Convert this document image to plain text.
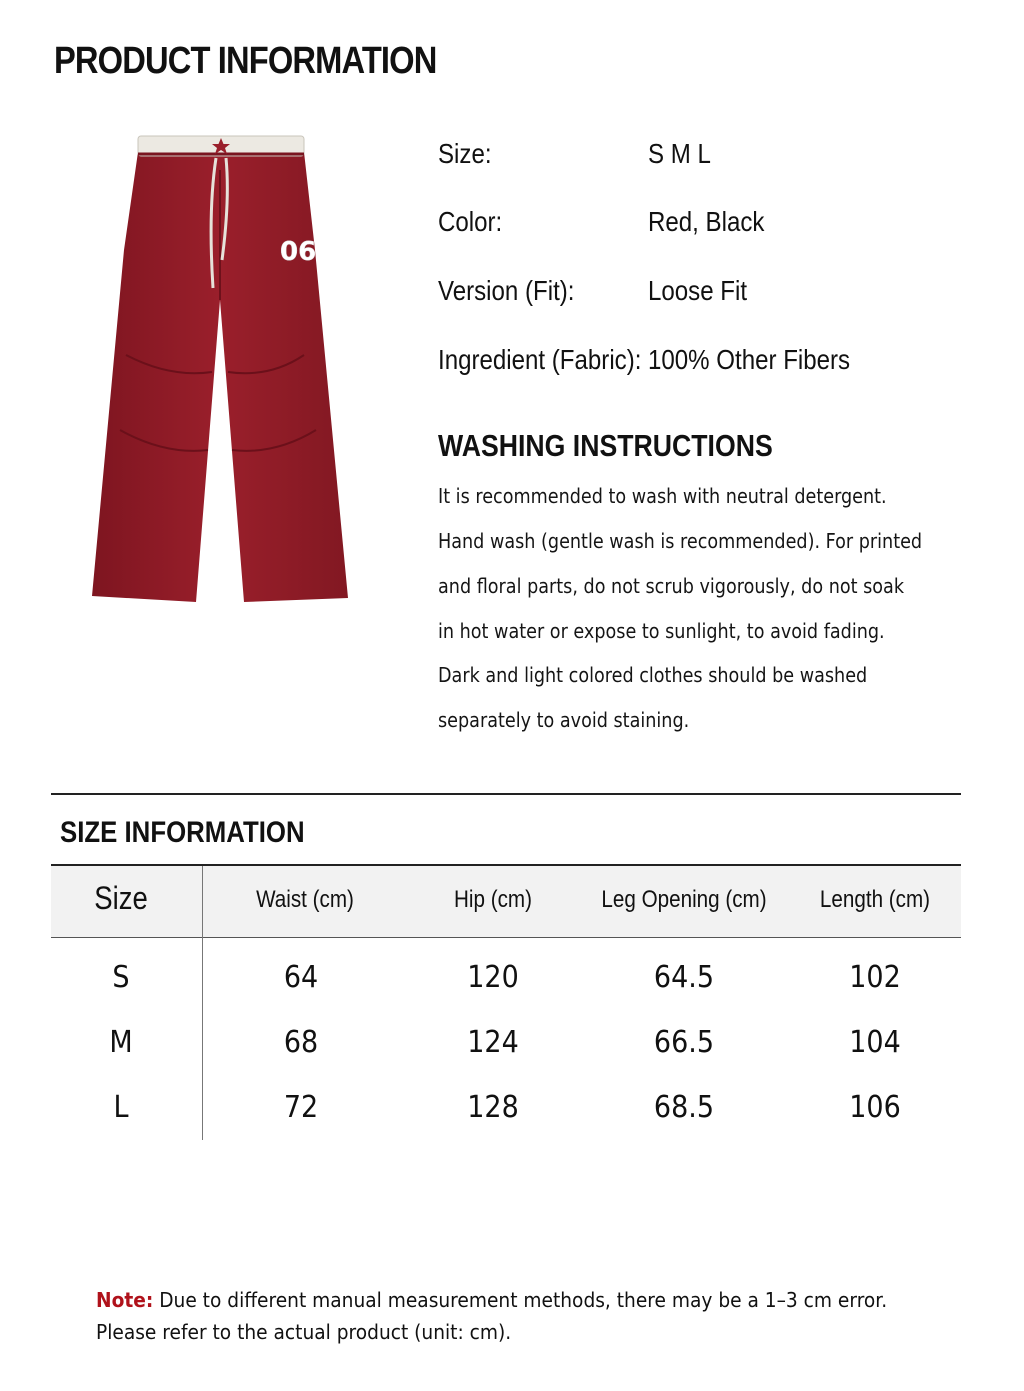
PRODUCT INFORMATION
06
Size:	S M L
Color:	Red, Black
Version (Fit):	Loose Fit
Ingredient (Fabric): 100% Other Fibers
WASHING INSTRUCTIONS
It is recommended to wash with neutral detergent.
Hand wash (gentle wash is recommended). For printed
and floral parts, do not scrub vigorously, do not soak
in hot water or expose to sunlight, to avoid fading.
Dark and light colored clothes should be washed
separately to avoid staining.
SIZE INFORMATION
Size	Waist (cm)	Hip (cm)	Leg Opening (cm)	Length (cm)
S	64	120	64.5	102
M	68	124	66.5	104
L	72	128	68.5	106
Note: Due to different manual measurement methods, there may be a 1–3 cm error.
Please refer to the actual product (unit: cm).
